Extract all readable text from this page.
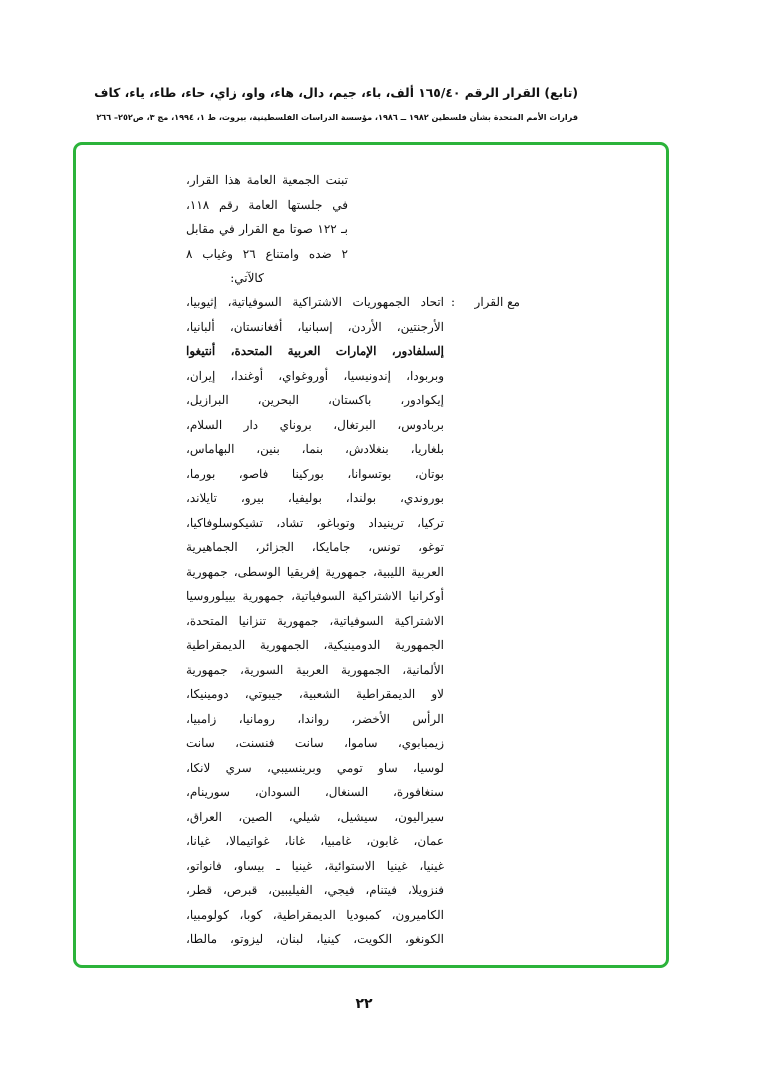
(تابع) القرار الرقم ١٦٥/٤٠ ألف، باء، جيم، دال، هاء، واو، زاي، حاء، طاء، ياء، كاف
قرارات الأمم المتحدة بشأن فلسطين ١٩٨٢ ــ ١٩٨٦، مؤسسة الدراسات الفلسطينية، بيروت، ط ١، ١٩٩٤، مج ٣، ص٢٥٢– ٢٦٦
تبنت الجمعية العامة هذا القرار،
في جلستها العامة رقم ١١٨،
بـ ١٢٢ صوتا مع القرار في مقابل
٢ ضده وامتناع ٢٦ وغياب ٨
كالآتي:
مع القرار
:
اتحاد الجمهوريات الاشتراكية السوفياتية، إثيوبيا،
الأرجنتين، الأردن، إسبانيا، أفغانستان، ألبانيا،
إلسلفادور، الإمارات العربية المتحدة، أنتيغوا
وبربودا، إندونيسيا، أوروغواي، أوغندا، إيران،
إيكوادور، باكستان، البحرين، البرازيل،
بربادوس، البرتغال، بروناي دار السلام،
بلغاريا، بنغلادش، بنما، بنين، البهاماس،
بوتان، بوتسوانا، بوركينا فاصو، بورما،
بوروندي، بولندا، بوليفيا، بيرو، تايلاند،
تركيا، ترينيداد وتوباغو، تشاد، تشيكوسلوفاكيا،
توغو، تونس، جامايكا، الجزائر، الجماهيرية
العربية الليبية، جمهورية إفريقيا الوسطى، جمهورية
أوكرانيا الاشتراكية السوفياتية، جمهورية بييلوروسيا
الاشتراكية السوفياتية، جمهورية تنزانيا المتحدة،
الجمهورية الدومينيكية، الجمهورية الديمقراطية
الألمانية، الجمهورية العربية السورية، جمهورية
لاو الديمقراطية الشعبية، جيبوتي، دومينيكا،
الرأس الأخضر، رواندا، رومانيا، زامبيا،
زيمبابوي، ساموا، سانت فنسنت، سانت
لوسيا، ساو تومي وبرينسيبي، سري لانكا،
سنغافورة، السنغال، السودان، سورينام،
سيراليون، سيشيل، شيلي، الصين، العراق،
عمان، غابون، غامبيا، غانا، غواتيمالا، غيانا،
غينيا، غينيا الاستوائية، غينيا ـ بيساو، فانواتو،
فنزويلا، فيتنام، فيجي، الفيليبين، قبرص، قطر،
الكاميرون، كمبوديا الديمقراطية، كوبا، كولومبيا،
الكونغو، الكويت، كينيا، لبنان، ليزوتو، مالطا،
٢٢
